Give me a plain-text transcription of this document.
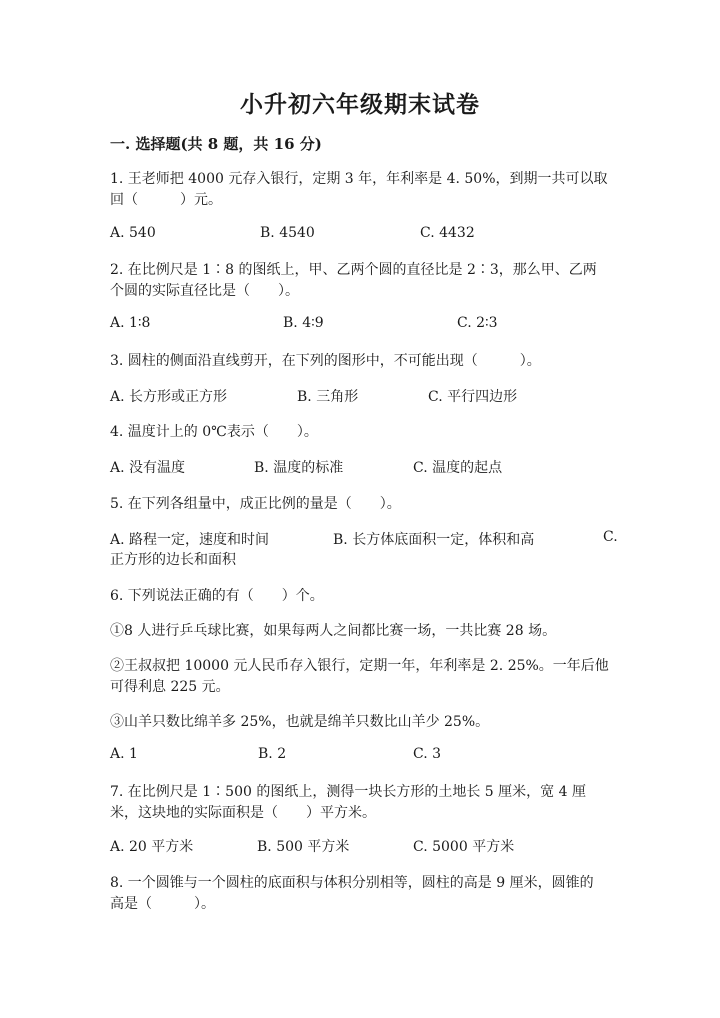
小升初六年级期末试卷
一. 选择题(共 8 题，共 16 分)
1. 王老师把 4000 元存入银行，定期 3 年，年利率是 4. 50%，到期一共可以取
回（　　　）元。
A. 540	B. 4540	C. 4432
2. 在比例尺是 1∶8 的图纸上，甲、乙两个圆的直径比是 2∶3，那么甲、乙两
个圆的实际直径比是（　　）。
A. 1∶8	B. 4∶9	C. 2∶3
3. 圆柱的侧面沿直线剪开，在下列的图形中，不可能出现（　　　）。
A. 长方形或正方形	B. 三角形	C. 平行四边形
4. 温度计上的 0℃表示（　　）。
A. 没有温度	B. 温度的标准	C. 温度的起点
5. 在下列各组量中，成正比例的量是（　　）。
A. 路程一定，速度和时间	B. 长方体底面积一定，体积和高	C.
正方形的边长和面积
6. 下列说法正确的有（　　）个。
①8 人进行乒乓球比赛，如果每两人之间都比赛一场，一共比赛 28 场。
②王叔叔把 10000 元人民币存入银行，定期一年，年利率是 2. 25%。一年后他
可得利息 225 元。
③山羊只数比绵羊多 25%，也就是绵羊只数比山羊少 25%。
A. 1	B. 2	C. 3
7. 在比例尺是 1∶500 的图纸上，测得一块长方形的土地长 5 厘米，宽 4 厘
米，这块地的实际面积是（　　）平方米。
A. 20 平方米	B. 500 平方米	C. 5000 平方米
8. 一个圆锥与一个圆柱的底面积与体积分别相等，圆柱的高是 9 厘米，圆锥的
高是（　　　）。
